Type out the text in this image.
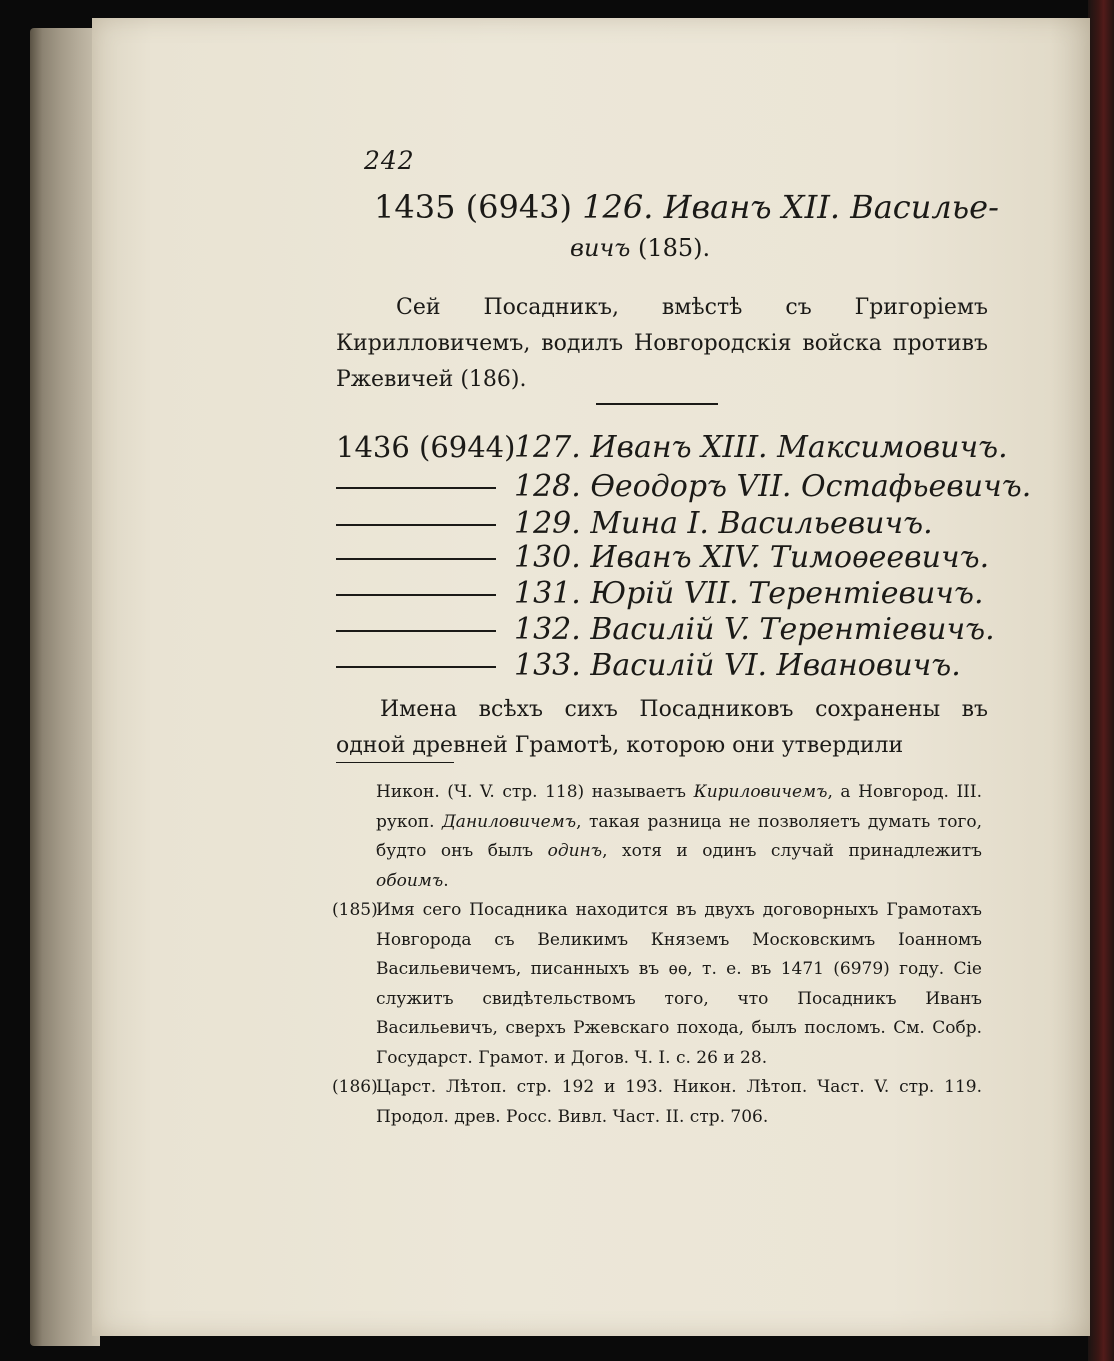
242
1435 (6943) 126. Иванъ XII. Василье-
вичъ (185).
Сей Посадникъ, вмѣстѣ съ Григоріемъ Кирилловичемъ, водилъ Новгородскія войска противъ Ржевичей (186).
1436 (6944)
127. Иванъ XIII. Максимовичъ.
128. Ѳеодоръ VII. Остафьевичъ.
129. Мина I. Васильевичъ.
130. Иванъ XIV. Тимоѳеевичъ.
131. Юрій VII. Терентіевичъ.
132. Василій V. Терентіевичъ.
133. Василій VI. Ивановичъ.
Имена всѣхъ сихъ Посадниковъ сохранены въ одной древней Грамотѣ, которою они утвердили
Никон. (Ч. V. стр. 118) называетъ Кириловичемъ, а Новгород. III. рукоп. Даниловичемъ, такая разница не позволяетъ думать того, будто онъ былъ одинъ, хотя и одинъ случай принадлежитъ обоимъ.
(185)
Имя сего Посадника находится въ двухъ договорныхъ Грамотахъ Новгорода съ Великимъ Княземъ Московскимъ Іоанномъ Васильевичемъ, писанныхъ въ ѳѳ, т. е. въ 1471 (6979) году. Сіе служитъ свидѣтельствомъ того, что Посадникъ Иванъ Васильевичъ, сверхъ Ржевскаго похода, былъ посломъ. См. Собр. Государст. Грамот. и Догов. Ч. I. с. 26 и 28.
(186)
Царст. Лѣтоп. стр. 192 и 193. Никон. Лѣтоп. Част. V. стр. 119. Продол. древ. Росс. Вивл. Част. II. стр. 706.
